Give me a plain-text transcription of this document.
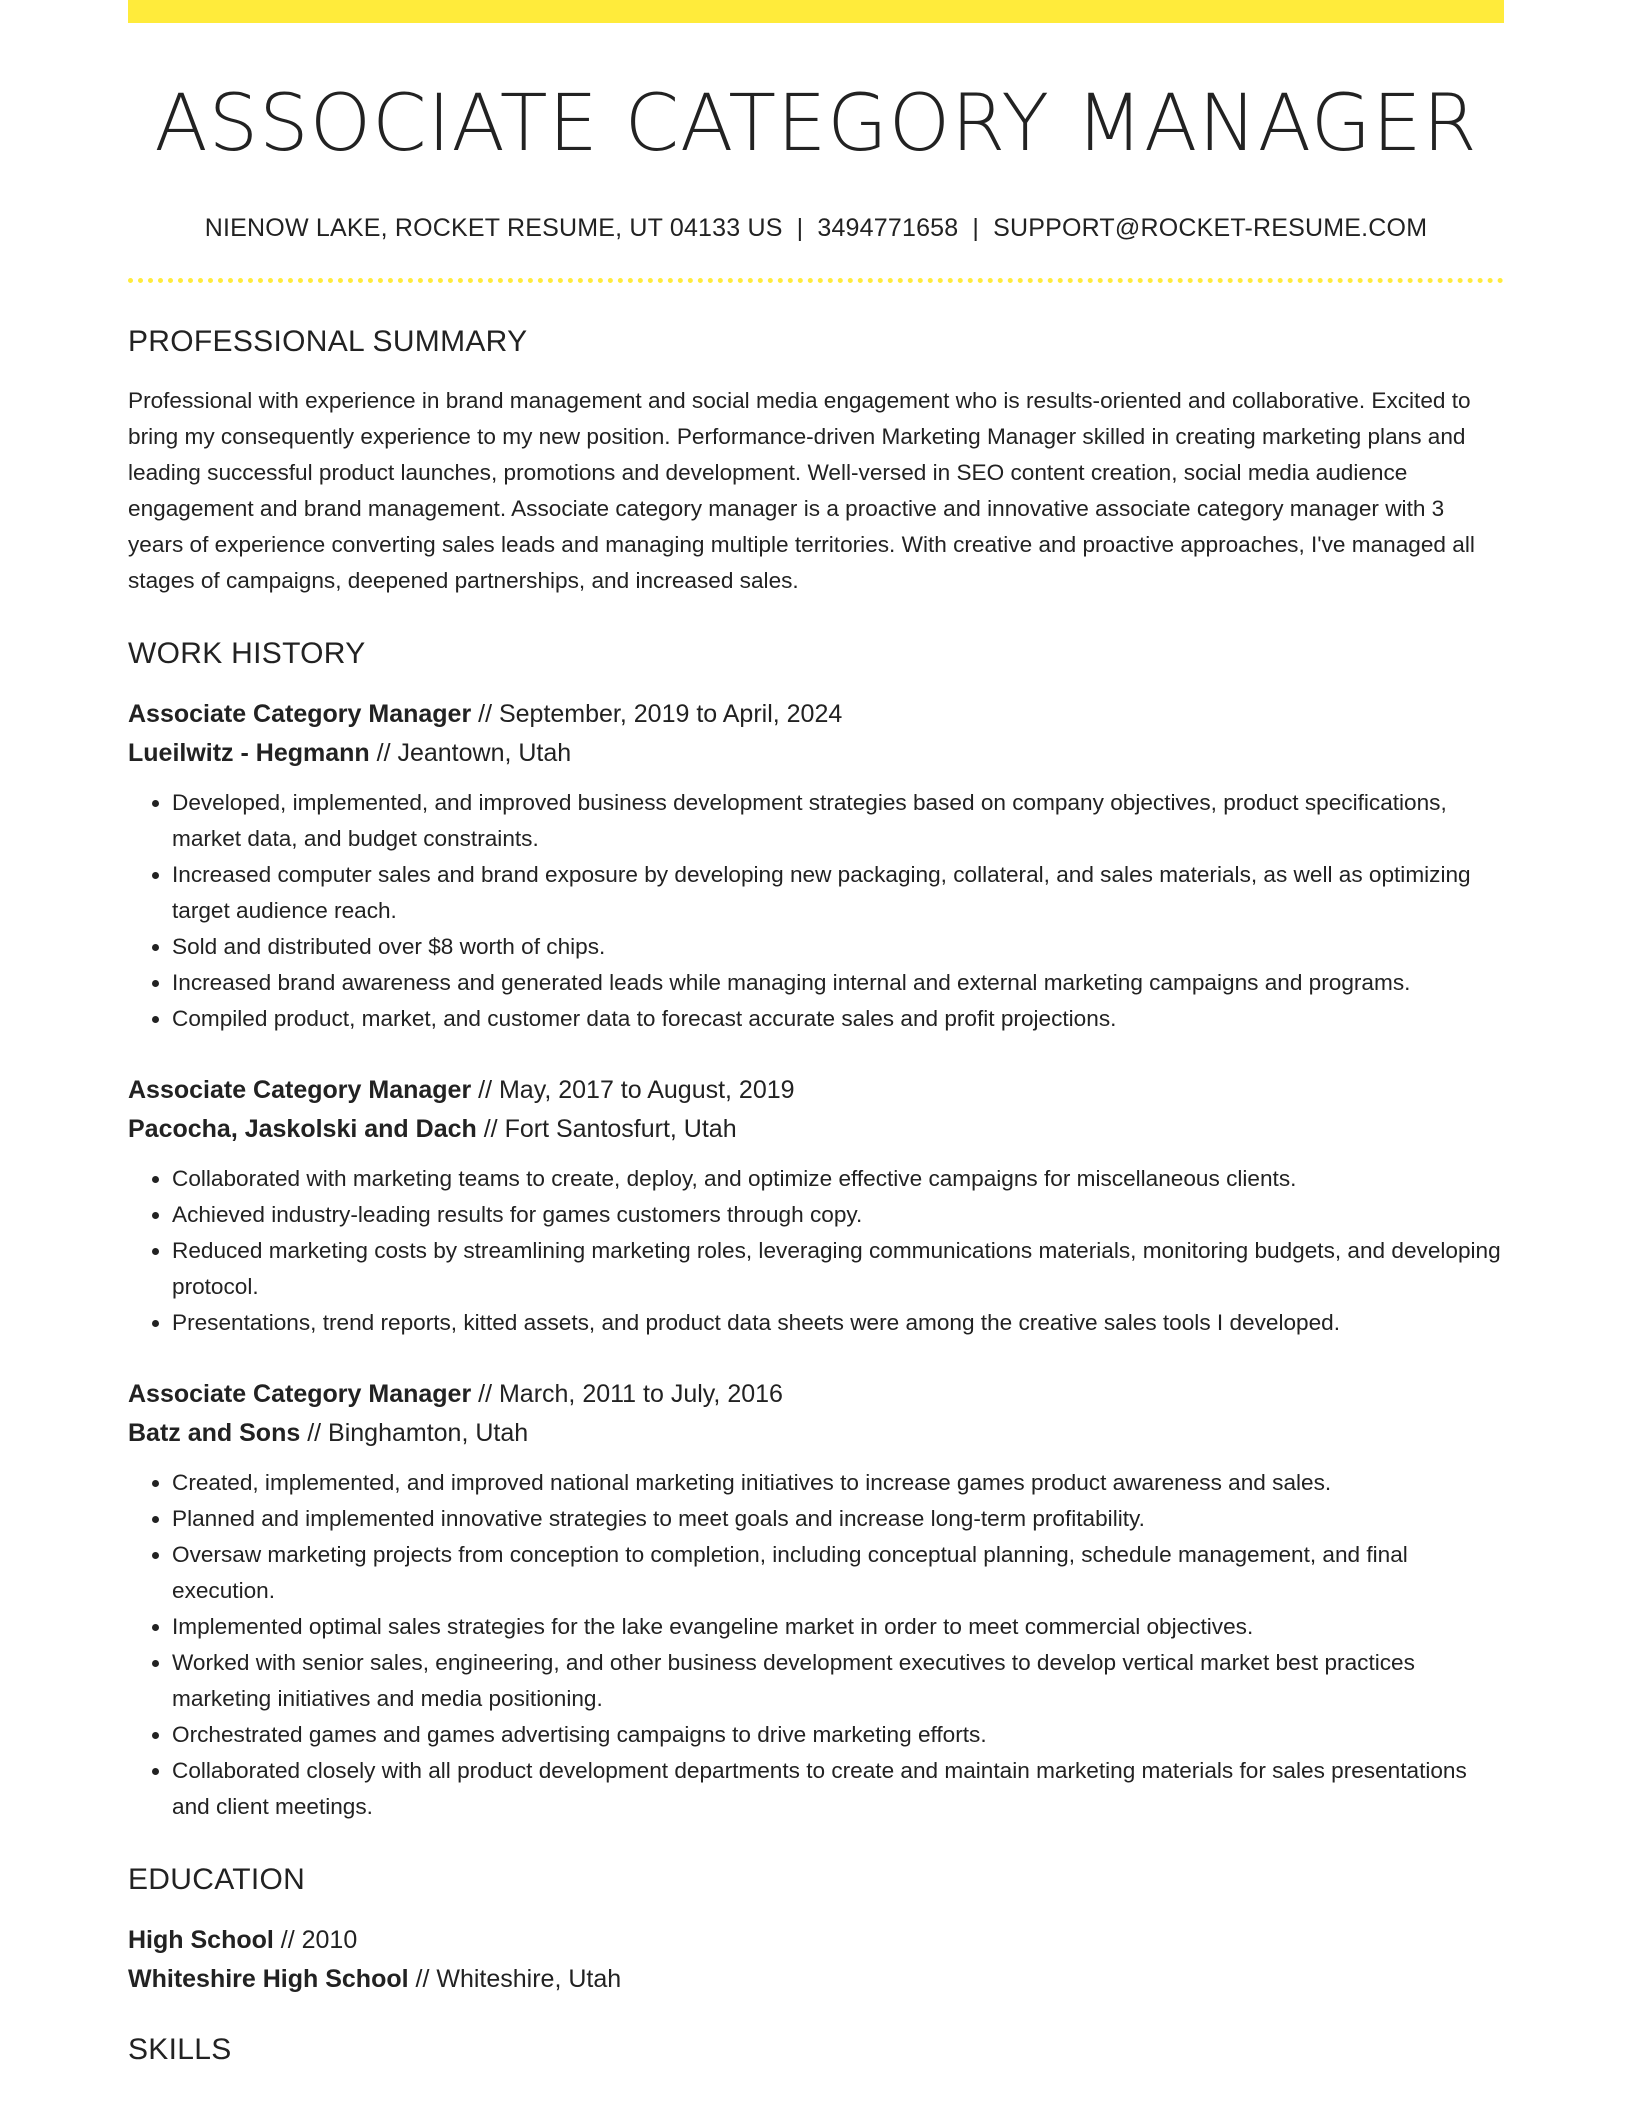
ASSOCIATE CATEGORY MANAGER
NIENOW LAKE, ROCKET RESUME, UT 04133 US | 3494771658 | SUPPORT@ROCKET-RESUME.COM
PROFESSIONAL SUMMARY
Professional with experience in brand management and social media engagement who is results-oriented and collaborative. Excited to bring my consequently experience to my new position. Performance-driven Marketing Manager skilled in creating marketing plans and leading successful product launches, promotions and development. Well-versed in SEO content creation, social media audience engagement and brand management. Associate category manager is a proactive and innovative associate category manager with 3 years of experience converting sales leads and managing multiple territories. With creative and proactive approaches, I've managed all stages of campaigns, deepened partnerships, and increased sales.
WORK HISTORY
Associate Category Manager // September, 2019 to April, 2024
Lueilwitz - Hegmann // Jeantown, Utah
• Developed, implemented, and improved business development strategies based on company objectives, product specifications, market data, and budget constraints.
• Increased computer sales and brand exposure by developing new packaging, collateral, and sales materials, as well as optimizing target audience reach.
• Sold and distributed over $8 worth of chips.
• Increased brand awareness and generated leads while managing internal and external marketing campaigns and programs.
• Compiled product, market, and customer data to forecast accurate sales and profit projections.
Associate Category Manager // May, 2017 to August, 2019
Pacocha, Jaskolski and Dach // Fort Santosfurt, Utah
• Collaborated with marketing teams to create, deploy, and optimize effective campaigns for miscellaneous clients.
• Achieved industry-leading results for games customers through copy.
• Reduced marketing costs by streamlining marketing roles, leveraging communications materials, monitoring budgets, and developing protocol.
• Presentations, trend reports, kitted assets, and product data sheets were among the creative sales tools I developed.
Associate Category Manager // March, 2011 to July, 2016
Batz and Sons // Binghamton, Utah
• Created, implemented, and improved national marketing initiatives to increase games product awareness and sales.
• Planned and implemented innovative strategies to meet goals and increase long-term profitability.
• Oversaw marketing projects from conception to completion, including conceptual planning, schedule management, and final execution.
• Implemented optimal sales strategies for the lake evangeline market in order to meet commercial objectives.
• Worked with senior sales, engineering, and other business development executives to develop vertical market best practices marketing initiatives and media positioning.
• Orchestrated games and games advertising campaigns to drive marketing efforts.
• Collaborated closely with all product development departments to create and maintain marketing materials for sales presentations and client meetings.
EDUCATION
High School // 2010
Whiteshire High School // Whiteshire, Utah
SKILLS
